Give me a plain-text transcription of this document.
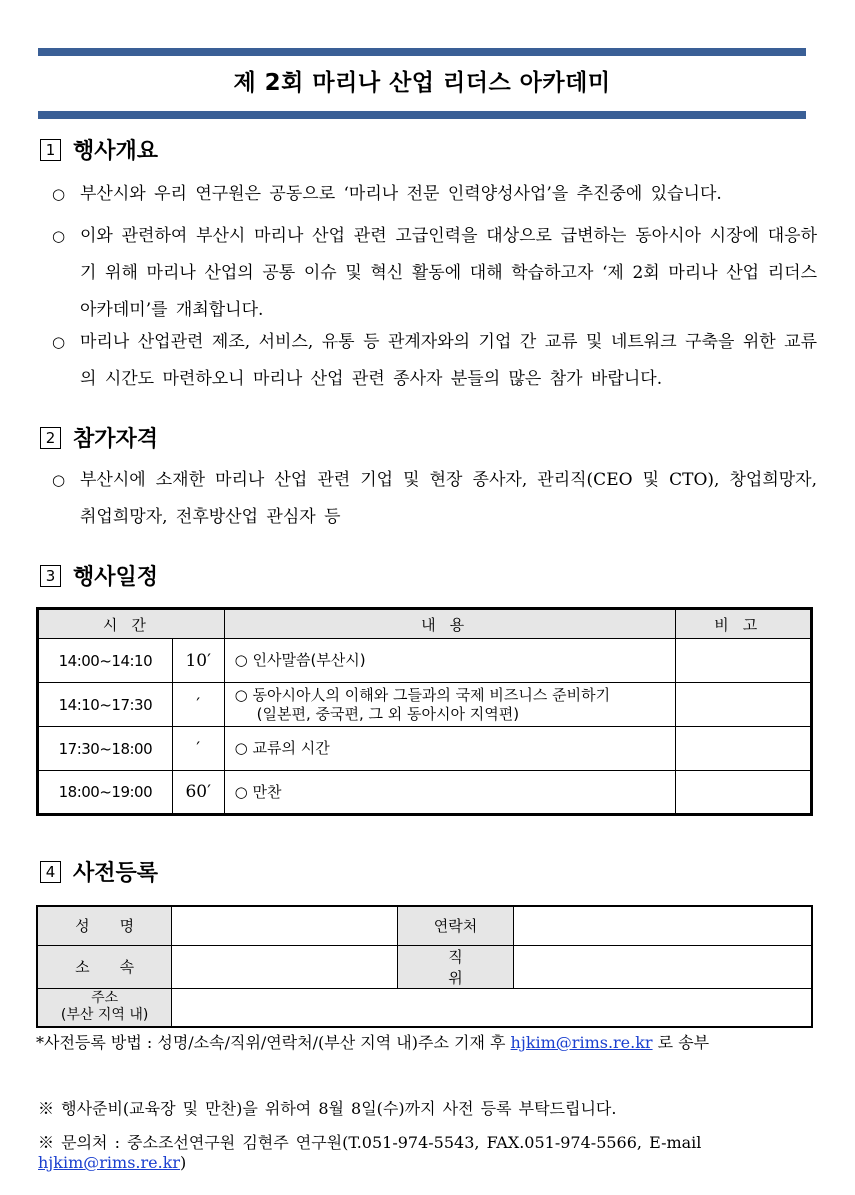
제 2회 마리나 산업 리더스 아카데미
1 행사개요
○ 부산시와 우리 연구원은 공동으로 ‘마리나 전문 인력양성사업’을 추진중에 있습니다.
○ 이와 관련하여 부산시 마리나 산업 관련 고급인력을 대상으로 급변하는 동아시아 시장에 대응하기 위해 마리나 산업의 공통 이슈 및 혁신 활동에 대해 학습하고자 ‘제 2회 마리나 산업 리더스 아카데미’를 개최합니다.
○ 마리나 산업관련 제조, 서비스, 유통 등 관계자와의 기업 간 교류 및 네트워크 구축을 위한 교류의 시간도 마련하오니 마리나 산업 관련 종사자 분들의 많은 참가 바랍니다.
2 참가자격
○ 부산시에 소재한 마리나 산업 관련 기업 및 현장 종사자, 관리직(CEO 및 CTO), 창업희망자, 취업희망자, 전후방산업 관심자 등
3 행사일정
시간		내용	비고
14:00~14:10	10′	○ 인사말씀(부산시)	

14:10~17:30	′	○ 동아시아人의 이해와 그들과의 국제 비즈니스 준비하기
(일본편, 중국편, 그 외 동아시아 지역편)	

17:30~18:00	′	○ 교류의 시간	

18:00~19:00	60′	○ 만찬	

4 사전등록
성명		연락처	
소속		직위	

주소
(부산 지역 내)			

*사전등록 방법 : 성명/소속/직위/연락처/(부산 지역 내)주소 기재 후 hjkim@rims.re.kr 로 송부
※ 행사준비(교육장 및 만찬)을 위하여 8월 8일(수)까지 사전 등록 부탁드립니다.
※ 문의처 : 중소조선연구원 김현주 연구원(T.051-974-5543, FAX.051-974-5566, E-mail hjkim@rims.re.kr)
